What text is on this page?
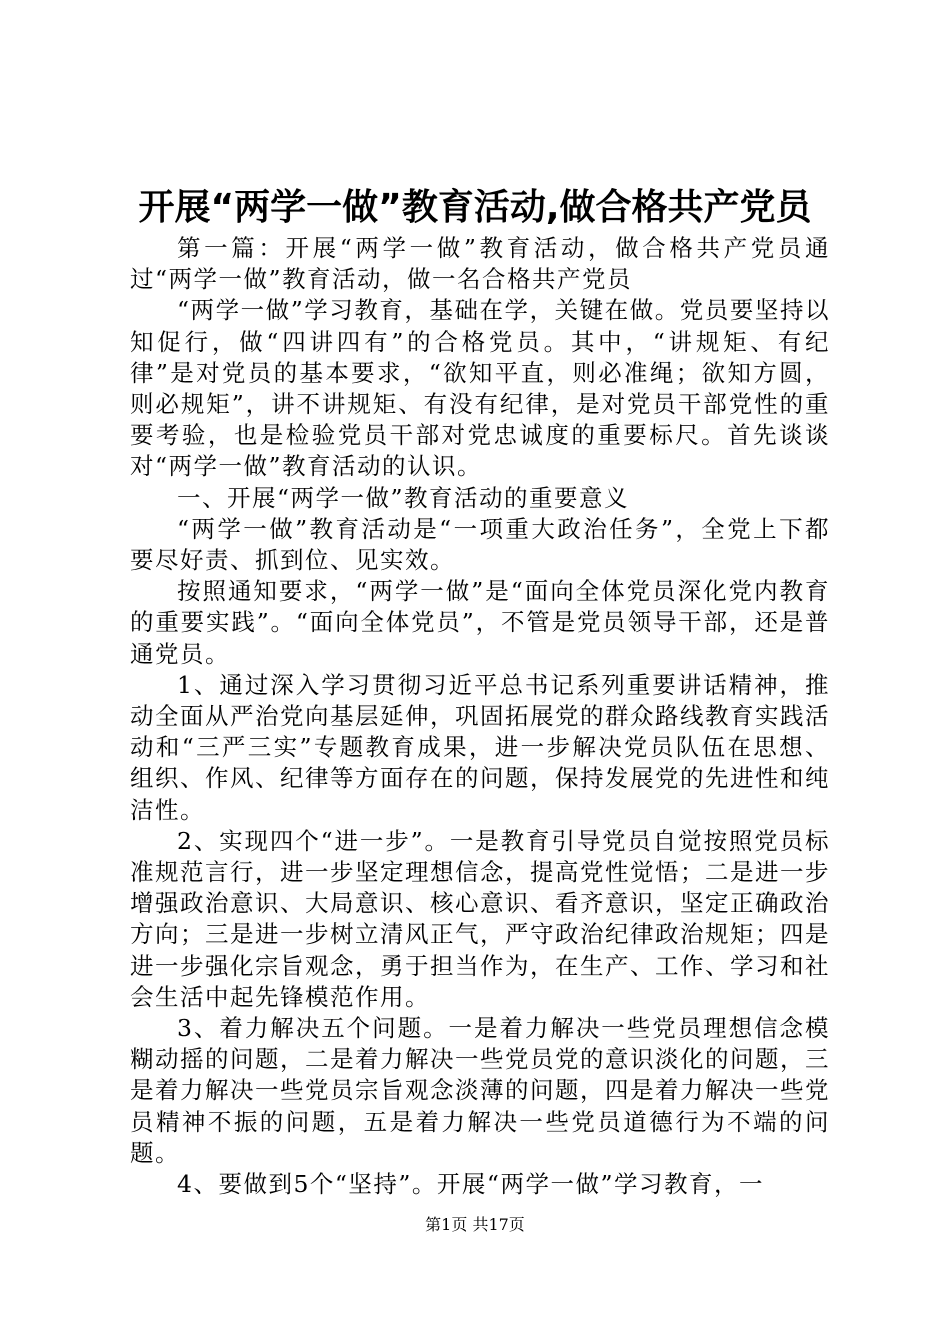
开展“两学一做”教育活动,做合格共产党员

第一篇：开展“两学一做”教育活动，做合格共产党员通过“两学一做”教育活动，做一名合格共产党员

“两学一做”学习教育，基础在学，关键在做。党员要坚持以知促行，做“四讲四有”的合格党员。其中，“讲规矩、有纪律”是对党员的基本要求，“欲知平直，则必准绳；欲知方圆，则必规矩”，讲不讲规矩、有没有纪律，是对党员干部党性的重要考验，也是检验党员干部对党忠诚度的重要标尺。首先谈谈对“两学一做”教育活动的认识。

一、开展“两学一做”教育活动的重要意义

“两学一做”教育活动是“一项重大政治任务”，全党上下都要尽好责、抓到位、见实效。

按照通知要求，“两学一做”是“面向全体党员深化党内教育的重要实践”。“面向全体党员”，不管是党员领导干部，还是普通党员。

1、通过深入学习贯彻习近平总书记系列重要讲话精神，推动全面从严治党向基层延伸，巩固拓展党的群众路线教育实践活动和“三严三实”专题教育成果，进一步解决党员队伍在思想、组织、作风、纪律等方面存在的问题，保持发展党的先进性和纯洁性。

2、实现四个“进一步”。一是教育引导党员自觉按照党员标准规范言行，进一步坚定理想信念，提高党性觉悟；二是进一步增强政治意识、大局意识、核心意识、看齐意识，坚定正确政治方向；三是进一步树立清风正气，严守政治纪律政治规矩；四是进一步强化宗旨观念，勇于担当作为，在生产、工作、学习和社会生活中起先锋模范作用。

3、着力解决五个问题。一是着力解决一些党员理想信念模糊动摇的问题，二是着力解决一些党员党的意识淡化的问题，三是着力解决一些党员宗旨观念淡薄的问题，四是着力解决一些党员精神不振的问题，五是着力解决一些党员道德行为不端的问题。

4、要做到5个“坚持”。开展“两学一做”学习教育，一

第1页 共17页
